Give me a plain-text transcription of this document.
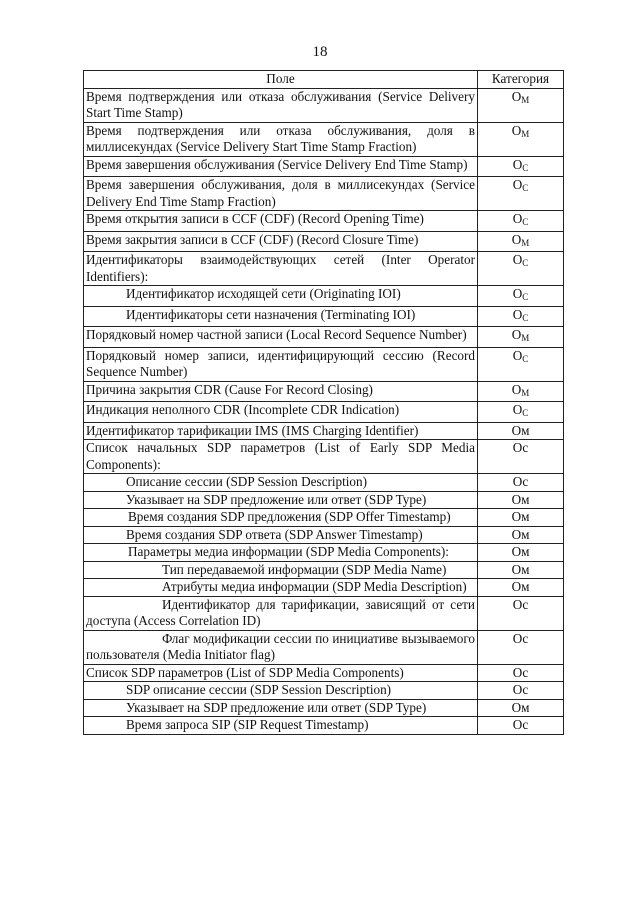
18
Поле	Категория
Время подтверждения или отказа обслуживания (Service Delivery Start Time Stamp)	$O_M$
Время подтверждения или отказа обслуживания, доля в миллисекундах (Service Delivery Start Time Stamp Fraction)	$O_M$
Время завершения обслуживания (Service Delivery End Time Stamp)	$O_C$
Время завершения обслуживания, доля в миллисекундах (Service Delivery End Time Stamp Fraction)	$O_C$
Время открытия записи в CCF (CDF) (Record Opening Time)	$O_C$
Время закрытия записи в CCF (CDF) (Record Closure Time)	$O_M$
Идентификаторы взаимодействующих сетей (Inter Operator Identifiers):	$O_C$
Идентификатор исходящей сети (Originating IOI)	$O_C$
Идентификаторы сети назначения (Terminating IOI)	$O_C$
Порядковый номер частной записи (Local Record Sequence Number)	$O_M$
Порядковый номер записи, идентифицирующий сессию (Record Sequence Number)	$O_C$
Причина закрытия CDR (Cause For Record Closing)	$O_M$
Индикация неполного CDR (Incomplete CDR Indication)	$O_C$
Идентификатор тарификации IMS (IMS Charging Identifier)	Ом
Список начальных SDP параметров (List of Early SDP Media Components):	Ос
Описание сессии (SDP Session Description)	Ос
Указывает на SDP предложение или ответ (SDP Type)	Ом
Время создания SDP предложения (SDP Offer Timestamp)	Ом
Время создания SDP ответа (SDP Answer Timestamp)	Ом
Параметры медиа информации (SDP Media Components):	Ом
Тип передаваемой информации (SDP Media Name)	Ом
Атрибуты медиа информации (SDP Media Description)	Ом
Идентификатор для тарификации, зависящий от сети доступа (Access Correlation ID)	Ос
Флаг модификации сессии по инициативе вызываемого пользователя (Media Initiator flag)	Ос
Список SDP параметров (List of SDP Media Components)	Ос
SDP описание сессии (SDP Session Description)	Ос
Указывает на SDP предложение или ответ (SDP Type)	Ом
Время запроса SIP (SIP Request Timestamp)	Ос
